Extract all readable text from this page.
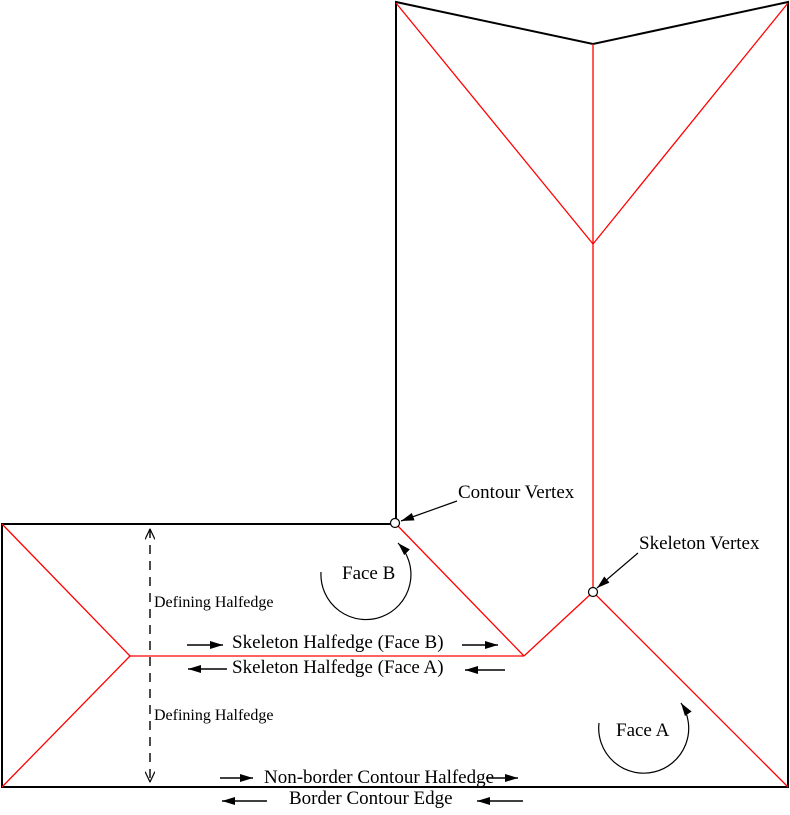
Contour Vertex
Skeleton Vertex
Face B
Face A
Defining Halfedge
Defining Halfedge
Skeleton Halfedge (Face B)
Skeleton Halfedge (Face A)
Non-border Contour Halfedge
Border Contour Edge
